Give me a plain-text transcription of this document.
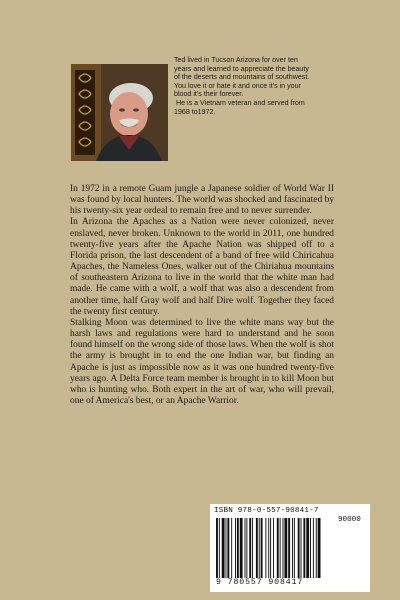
Ted lived in Tucson Arizona for over ten
years and learned to appreciate the beauty
of the deserts and mountains of southwest.
You love it or hate it and once it's in your
blood it's their forever.
He is a Vietnam veteran and served from
1968 to1972.

In 1972 in a remote Guam jungle a Japanese soldier of World War II was found by local hunters. The world was shocked and fascinated by his twenty-six year ordeal to remain free and to never surrender.

In Arizona the Apaches as a Nation were never colonized, never enslaved, never broken. Unknown to the world in 2011, one hundred twenty-five years after the Apache Nation was shipped off to a Florida prison, the last descendent of a band of free wild Chiricahua Apaches, the Nameless Ones, walker out of the Chiriahua mountains of southeastern Arizona to live in the world that the white man had made. He came with a wolf, a wolf that was also a descendent from another time, half Gray wolf and half Dire wolf. Together they faced the twenty first century.

Stalking Moon was determined to live the white mans way but the harsh laws and regulations were hard to understand and he soon found himself on the wrong side of those laws. When the wolf is shot the army is brought in to end the one Indian war, but finding an Apache is just as impossible now as it was one hundred twenty-five years ago. A Delta Force team member is brought in to kill Moon but who is hunting who. Both expert in the art of war, who will prevail, one of America's best, or an Apache Warrior.

ISBN 978-0-557-90841-7
90000
9 780557 908417
